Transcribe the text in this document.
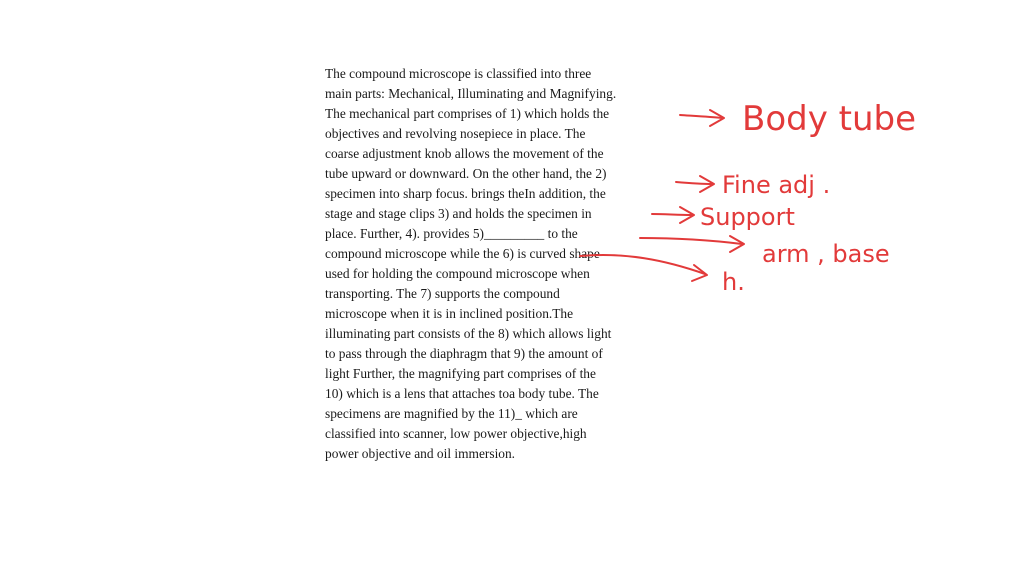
The compound microscope is classified into three
main parts: Mechanical, Illuminating and Magnifying.
The mechanical part comprises of 1) which holds the
objectives and revolving nosepiece in place. The
coarse adjustment knob allows the movement of the
tube upward or downward. On the other hand, the 2)
specimen into sharp focus. brings theIn addition, the
stage and stage clips 3) and holds the specimen in
place. Further, 4). provides 5)_________ to the
compound microscope while the 6) is curved shape
used for holding the compound microscope when
transporting. The 7) supports the compound
microscope when it is in inclined position.The
illuminating part consists of the 8) which allows light
to pass through the diaphragm that 9) the amount of
light Further, the magnifying part comprises of the
10) which is a lens that attaches toa body tube. The
specimens are magnified by the 11)_ which are
classified into scanner, low power objective,high
power objective and oil immersion.
Body tube
Fine adj .
Support
arm , base
h.
